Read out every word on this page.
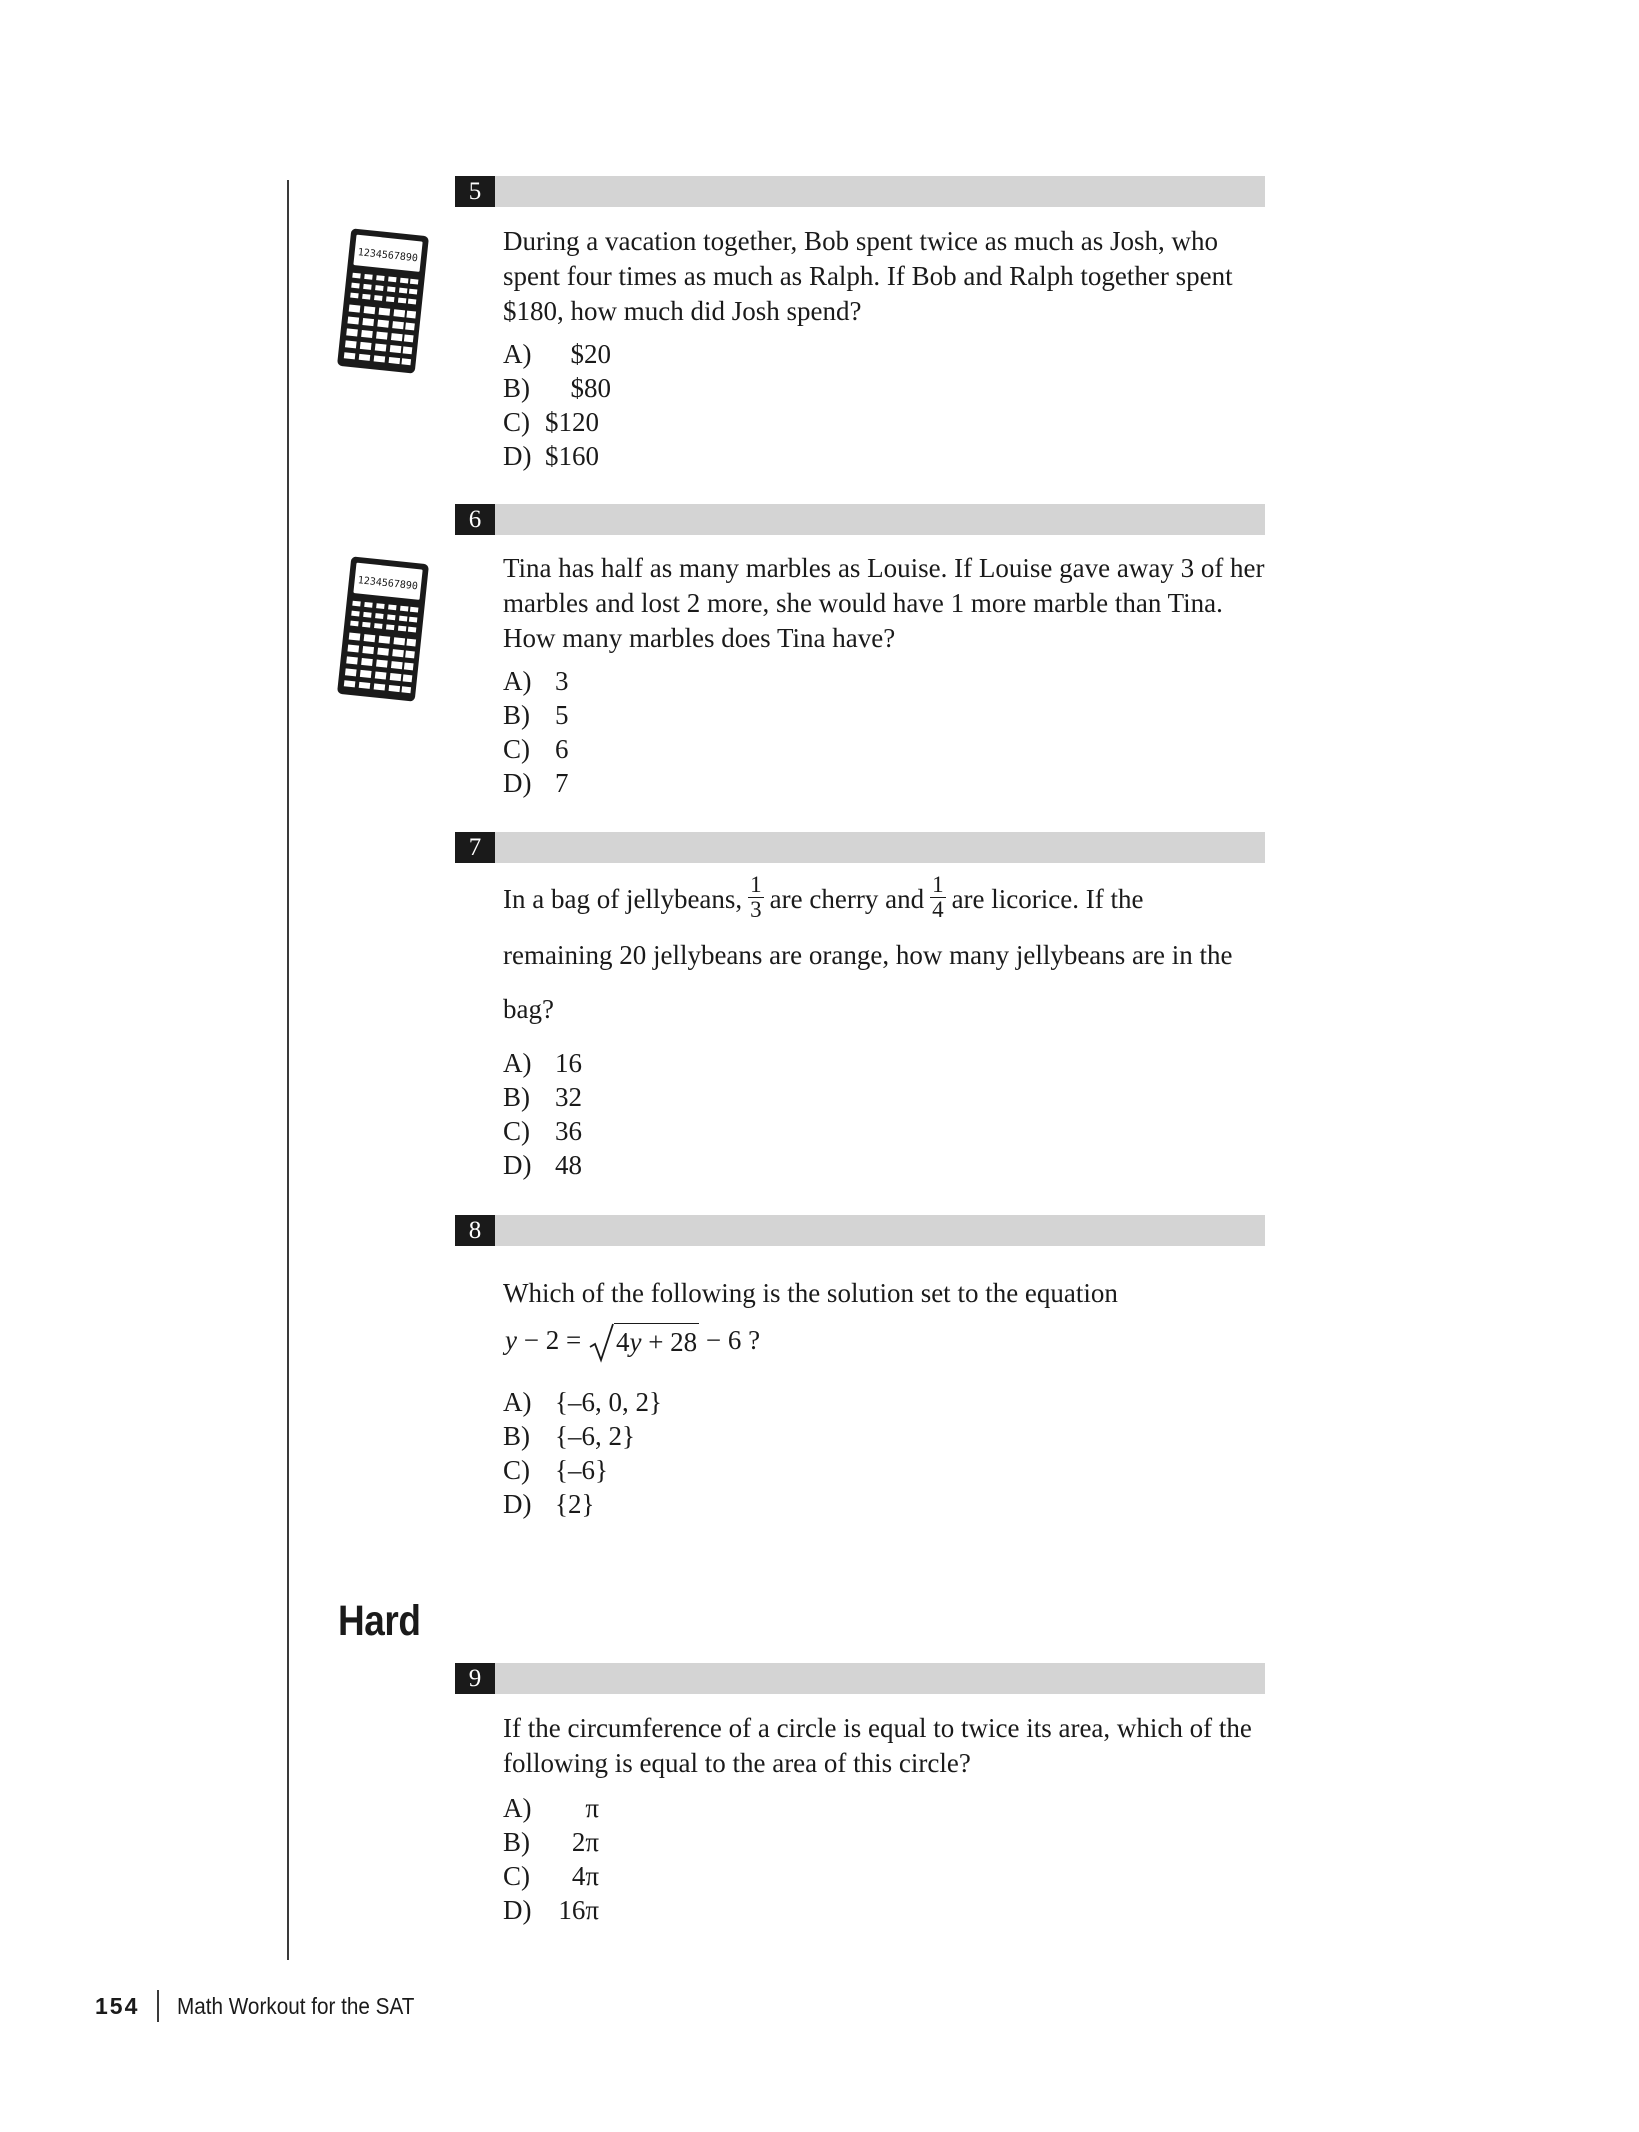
5
1234567890	During a vacation together, Bob spent twice as much as Josh, who spent four times as much as Ralph. If Bob and Ralph together spent $180, how much did Josh spend?
A)	$20
B)	$80
C) $120
D) $160
6
1234567890
Tina has half as many marbles as Louise. If Louise gave away 3 of her marbles and lost 2 more, she would have 1 more marble than Tina. How many marbles does Tina have?
A) 3
B) 5
C) 6
D) 7
7
In a bag of jellybeans, $\frac{1}{3}$ are cherry and $\frac{1}{4}$ are licorice. If the
remaining 20 jellybeans are orange, how many jellybeans are in the
bag?
A) 16
B) 32
C) 36
D) 48
8
Which of the following is the solution set to the equation
y − 2 = 4y + 28 − 6 ?
A) {–6, 0, 2}
B) {–6, 2}
C) {–6}
D) {2}
Hard
9
If the circumference of a circle is equal to twice its area, which of the following is equal to the area of this circle?
A)	π
B)	2π
C)	4π
D) 16π
154 Math Workout for the SAT
